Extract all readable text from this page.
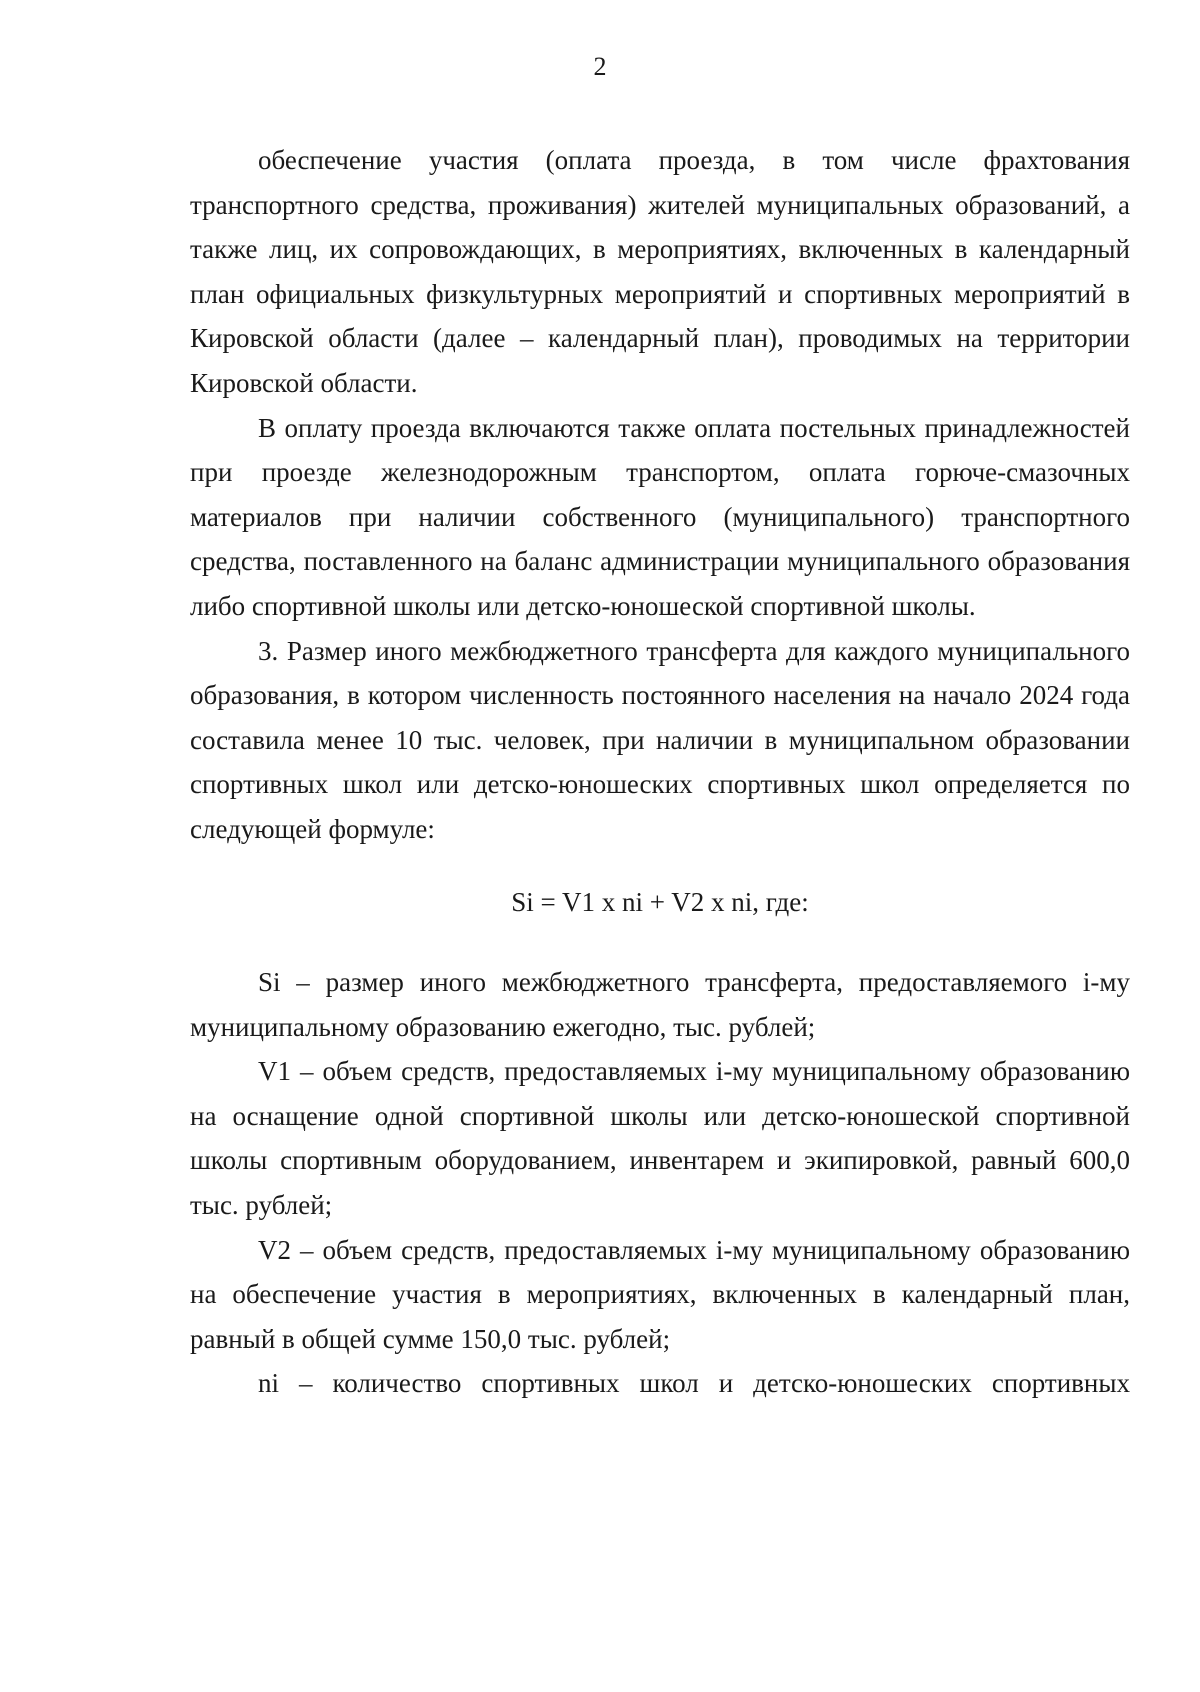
2

обеспечение участия (оплата проезда, в том числе фрахтования транспортного средства, проживания) жителей муниципальных образований, а также лиц, их сопровождающих, в мероприятиях, включенных в календарный план официальных физкультурных мероприятий и спортивных мероприятий в Кировской области (далее – календарный план), проводимых на территории Кировской области.

В оплату проезда включаются также оплата постельных принадлежностей при проезде железнодорожным транспортом, оплата горюче-смазочных материалов при наличии собственного (муниципального) транспортного средства, поставленного на баланс администрации муниципального образования либо спортивной школы или детско-юношеской спортивной школы.

3. Размер иного межбюджетного трансферта для каждого муниципального образования, в котором численность постоянного населения на начало 2024 года составила менее 10 тыс. человек, при наличии в муниципальном образовании спортивных школ или детско-юношеских спортивных школ определяется по следующей формуле:

Si = V1 x ni + V2 x ni, где:

Si – размер иного межбюджетного трансферта, предоставляемого i-му муниципальному образованию ежегодно, тыс. рублей;

V1 – объем средств, предоставляемых i-му муниципальному образованию на оснащение одной спортивной школы или детско-юношеской спортивной школы спортивным оборудованием, инвентарем и экипировкой, равный 600,0 тыс. рублей;

V2 – объем средств, предоставляемых i-му муниципальному образованию на обеспечение участия в мероприятиях, включенных в календарный план, равный в общей сумме 150,0 тыс. рублей;

ni – количество спортивных школ и детско-юношеских спортивных
